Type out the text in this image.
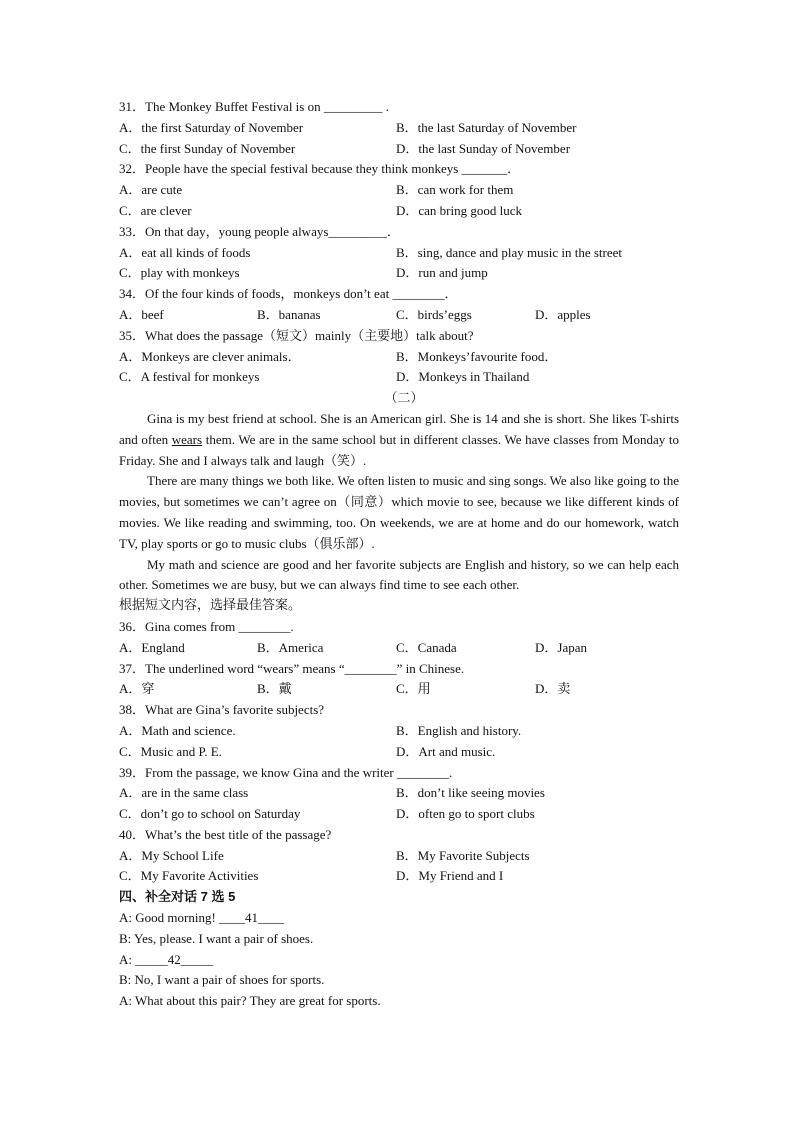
31．The Monkey Buffet Festival is on _________ .
A．the first Saturday of November	B．the last Saturday of November
C．the first Sunday of November	D．the last Sunday of November
32．People have the special festival because they think monkeys _______．
A．are cute	B．can work for them
C．are clever	D．can bring good luck
33．On that day，young people always_________．
A．eat all kinds of foods	B．sing, dance and play music in the street
C．play with monkeys	D．run and jump
34．Of the four kinds of foods，monkeys don’t eat ________．
A．beef	B．bananas	C．birds’eggs	D．apples
35．What does the passage（短文）mainly（主要地）talk about?
A．Monkeys are clever animals．	B．Monkeys’favourite food．
C．A festival for monkeys	D．Monkeys in Thailand
（二）

Gina is my best friend at school. She is an American girl. She is 14 and she is short. She likes T-shirts and often wears them. We are in the same school but in different classes. We have classes from Monday to Friday. She and I always talk and laugh（笑）.

There are many things we both like. We often listen to music and sing songs. We also like going to the movies, but sometimes we can’t agree on（同意）which movie to see, because we like different kinds of movies. We like reading and swimming, too. On weekends, we are at home and do our homework, watch TV, play sports or go to music clubs（俱乐部）.

My math and science are good and her favorite subjects are English and history, so we can help each other. Sometimes we are busy, but we can always find time to see each other.

根据短文内容，选择最佳答案。
36．Gina comes from ________.
A．England	B．America	C．Canada	D．Japan
37．The underlined word “wears” means “________” in Chinese.
A．穿	B．戴	C．用	D．卖
38．What are Gina’s favorite subjects?
A．Math and science.	B．English and history.
C．Music and P. E.	D．Art and music.
39．From the passage, we know Gina and the writer ________.
A．are in the same class	B．don’t like seeing movies
C．don’t go to school on Saturday	D．often go to sport clubs
40．What’s the best title of the passage?
A．My School Life	B．My Favorite Subjects
C．My Favorite Activities	D．My Friend and I
四、补全对话 7 选 5
A: Good morning! ____41____
B: Yes, please. I want a pair of shoes.
A: _____42_____
B: No, I want a pair of shoes for sports.
A: What about this pair? They are great for sports.
